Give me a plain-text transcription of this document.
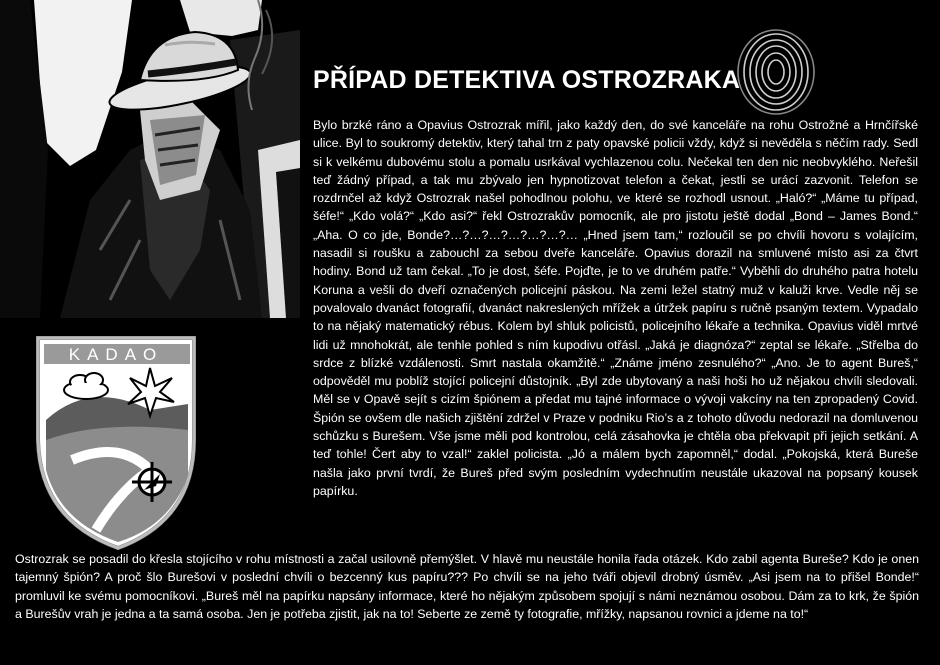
KADAO
PŘÍPAD DETEKTIVA OSTROZRAKA

Bylo brzké ráno a Opavius Ostrozrak mířil, jako každý den, do své kanceláře na rohu Ostrožné a Hrnčířské ulice. Byl to soukromý detektiv, který tahal trn z paty opavské policii vždy, když si nevěděla s něčím rady. Sedl si k velkému dubovému stolu a pomalu usrkával vychlazenou colu. Nečekal ten den nic neobvyklého. Neřešil teď žádný případ, a tak mu zbývalo jen hypnotizovat telefon a čekat, jestli se urácí zazvonit. Telefon se rozdrnčel až když Ostrozrak našel pohodlnou polohu, ve které se rozhodl usnout. „Haló?“ „Máme tu případ, šéfe!“ „Kdo volá?“ „Kdo asi?“ řekl Ostrozrakův pomocník, ale pro jistotu ještě dodal „Bond – James Bond.“ „Aha. O co jde, Bonde?…?…?…?…?…?…?… „Hned jsem tam,“ rozloučil se po chvíli hovoru s volajícím, nasadil si roušku a zabouchl za sebou dveře kanceláře. Opavius dorazil na smluvené místo asi za čtvrt hodiny. Bond už tam čekal. „To je dost, šéfe. Pojďte, je to ve druhém patře.“ Vyběhli do druhého patra hotelu Koruna a vešli do dveří označených policejní páskou. Na zemi ležel statný muž v kaluži krve. Vedle něj se povalovalo dvanáct fotografií, dvanáct nakreslených mřížek a útržek papíru s ručně psaným textem. Vypadalo to na nějaký matematický rébus. Kolem byl shluk policistů, policejního lékaře a technika. Opavius viděl mrtvé lidi už mnohokrát, ale tenhle pohled s ním kupodivu otřásl. „Jaká je diagnóza?“ zeptal se lékaře. „Střelba do srdce z blízké vzdálenosti. Smrt nastala okamžitě.“ „Známe jméno zesnulého?“ „Ano. Je to agent Bureš,“ odpověděl mu poblíž stojící policejní důstojník. „Byl zde ubytovaný a naši hoši ho už nějakou chvíli sledovali. Měl se v Opavě sejít s cizím špiónem a předat mu tajné informace o vývoji vakcíny na ten zpropadený Covid. Špión se ovšem dle našich zjištění zdržel v Praze v podniku Rio’s a z tohoto důvodu nedorazil na domluvenou schůzku s Burešem. Vše jsme měli pod kontrolou, celá zásahovka je chtěla oba překvapit při jejich setkání. A teď tohle! Čert aby to vzal!“ zaklel policista. „Jó a málem bych zapomněl,“ dodal. „Pokojská, která Bureše našla jako první tvrdí, že Bureš před svým posledním vydechnutím neustále ukazoval na popsaný kousek papírku.

Ostrozrak se posadil do křesla stojícího v rohu místnosti a začal usilovně přemýšlet. V hlavě mu neustále honila řada otázek. Kdo zabil agenta Bureše? Kdo je onen tajemný špión? A proč šlo Burešovi v poslední chvíli o bezcenný kus papíru??? Po chvíli se na jeho tváři objevil drobný úsměv. „Asi jsem na to přišel Bonde!“ promluvil ke svému pomocníkovi. „Bureš měl na papírku napsány informace, které ho nějakým způsobem spojují s námi neznámou osobou. Dám za to krk, že špión a Burešův vrah je jedna a ta samá osoba. Jen je potřeba zjistit, jak na to! Seberte ze země ty fotografie, mřížky, napsanou rovnici a jdeme na to!“
